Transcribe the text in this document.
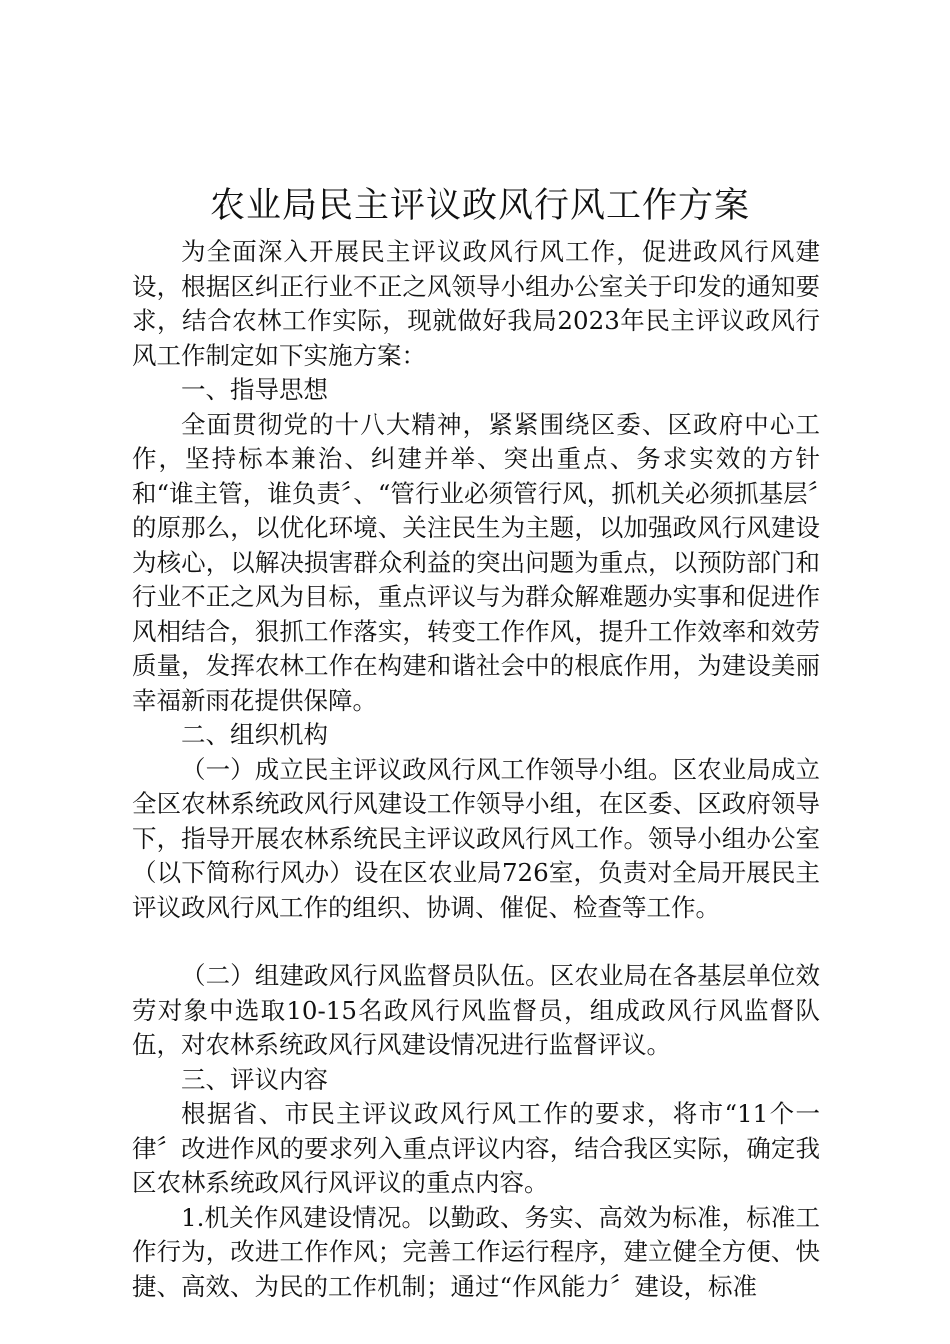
农业局民主评议政风行风工作方案

为全面深入开展民主评议政风行风工作，促进政风行风建设，根据区纠正行业不正之风领导小组办公室关于印发的通知要求，结合农林工作实际，现就做好我局2023年民主评议政风行风工作制定如下实施方案：

一、指导思想

全面贯彻党的十八大精神，紧紧围绕区委、区政府中心工作，坚持标本兼治、纠建并举、突出重点、务求实效的方针和“谁主管，谁负责〞、“管行业必须管行风，抓机关必须抓基层〞的原那么，以优化环境、关注民生为主题，以加强政风行风建设为核心，以解决损害群众利益的突出问题为重点，以预防部门和行业不正之风为目标，重点评议与为群众解难题办实事和促进作风相结合，狠抓工作落实，转变工作作风，提升工作效率和效劳质量，发挥农林工作在构建和谐社会中的根底作用，为建设美丽幸福新雨花提供保障。

二、组织机构

（一）成立民主评议政风行风工作领导小组。区农业局成立全区农林系统政风行风建设工作领导小组，在区委、区政府领导下，指导开展农林系统民主评议政风行风工作。领导小组办公室（以下简称行风办）设在区农业局726室，负责对全局开展民主评议政风行风工作的组织、协调、催促、检查等工作。

（二）组建政风行风监督员队伍。区农业局在各基层单位效劳对象中选取10-15名政风行风监督员，组成政风行风监督队伍，对农林系统政风行风建设情况进行监督评议。

三、评议内容

根据省、市民主评议政风行风工作的要求，将市“11个一律〞改进作风的要求列入重点评议内容，结合我区实际，确定我区农林系统政风行风评议的重点内容。

1.机关作风建设情况。以勤政、务实、高效为标准，标准工作行为，改进工作作风；完善工作运行程序，建立健全方便、快捷、高效、为民的工作机制；通过“作风能力〞建设，标准
